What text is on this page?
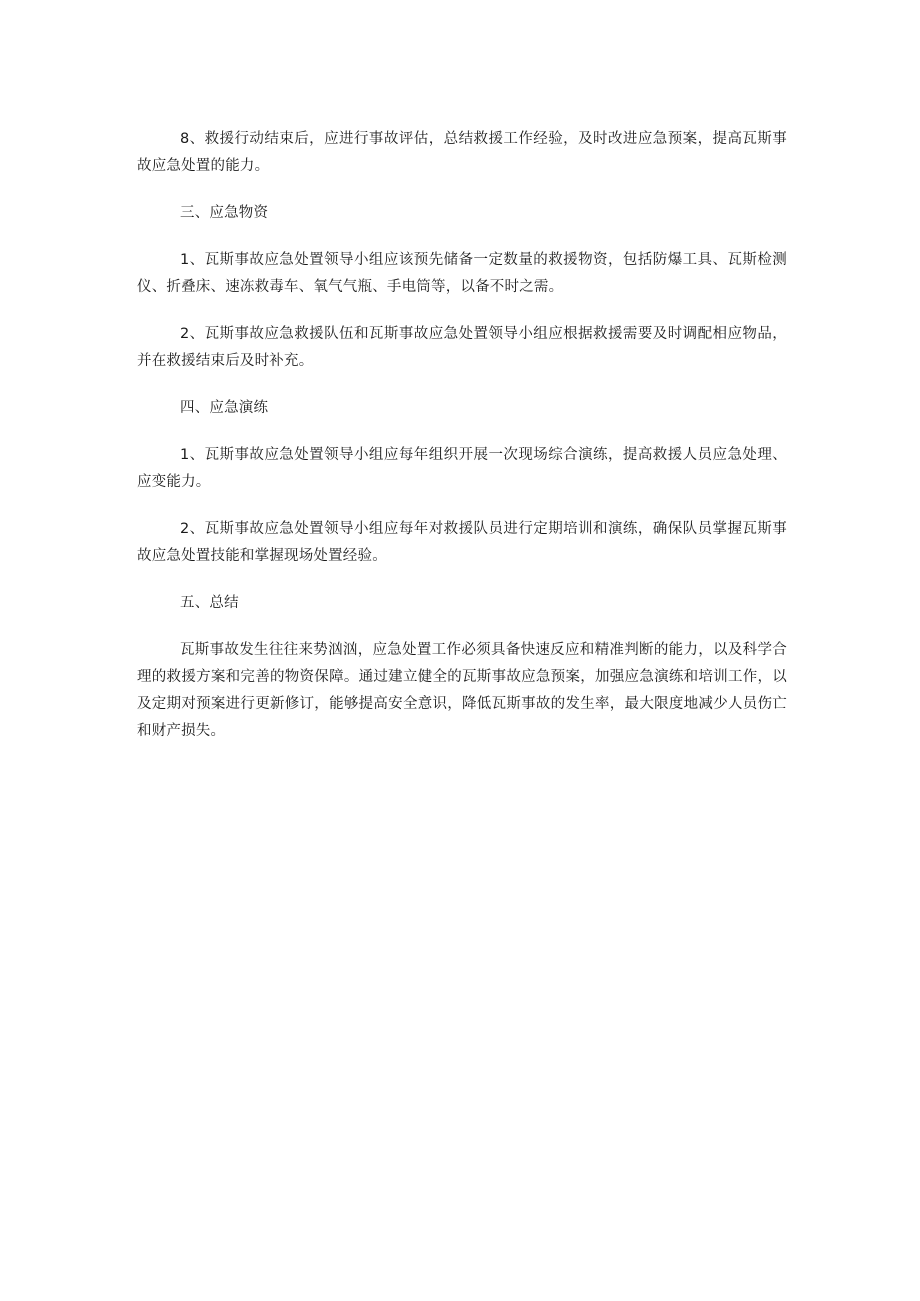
8、救援行动结束后，应进行事故评估，总结救援工作经验，及时改进应急预案，提高瓦斯事故应急处置的能力。

三、应急物资

1、瓦斯事故应急处置领导小组应该预先储备一定数量的救援物资，包括防爆工具、瓦斯检测仪、折叠床、速冻救毒车、氧气气瓶、手电筒等，以备不时之需。

2、瓦斯事故应急救援队伍和瓦斯事故应急处置领导小组应根据救援需要及时调配相应物品，并在救援结束后及时补充。

四、应急演练

1、瓦斯事故应急处置领导小组应每年组织开展一次现场综合演练，提高救援人员应急处理、应变能力。

2、瓦斯事故应急处置领导小组应每年对救援队员进行定期培训和演练，确保队员掌握瓦斯事故应急处置技能和掌握现场处置经验。

五、总结

瓦斯事故发生往往来势汹汹，应急处置工作必须具备快速反应和精准判断的能力，以及科学合理的救援方案和完善的物资保障。通过建立健全的瓦斯事故应急预案，加强应急演练和培训工作，以及定期对预案进行更新修订，能够提高安全意识，降低瓦斯事故的发生率，最大限度地减少人员伤亡和财产损失。
